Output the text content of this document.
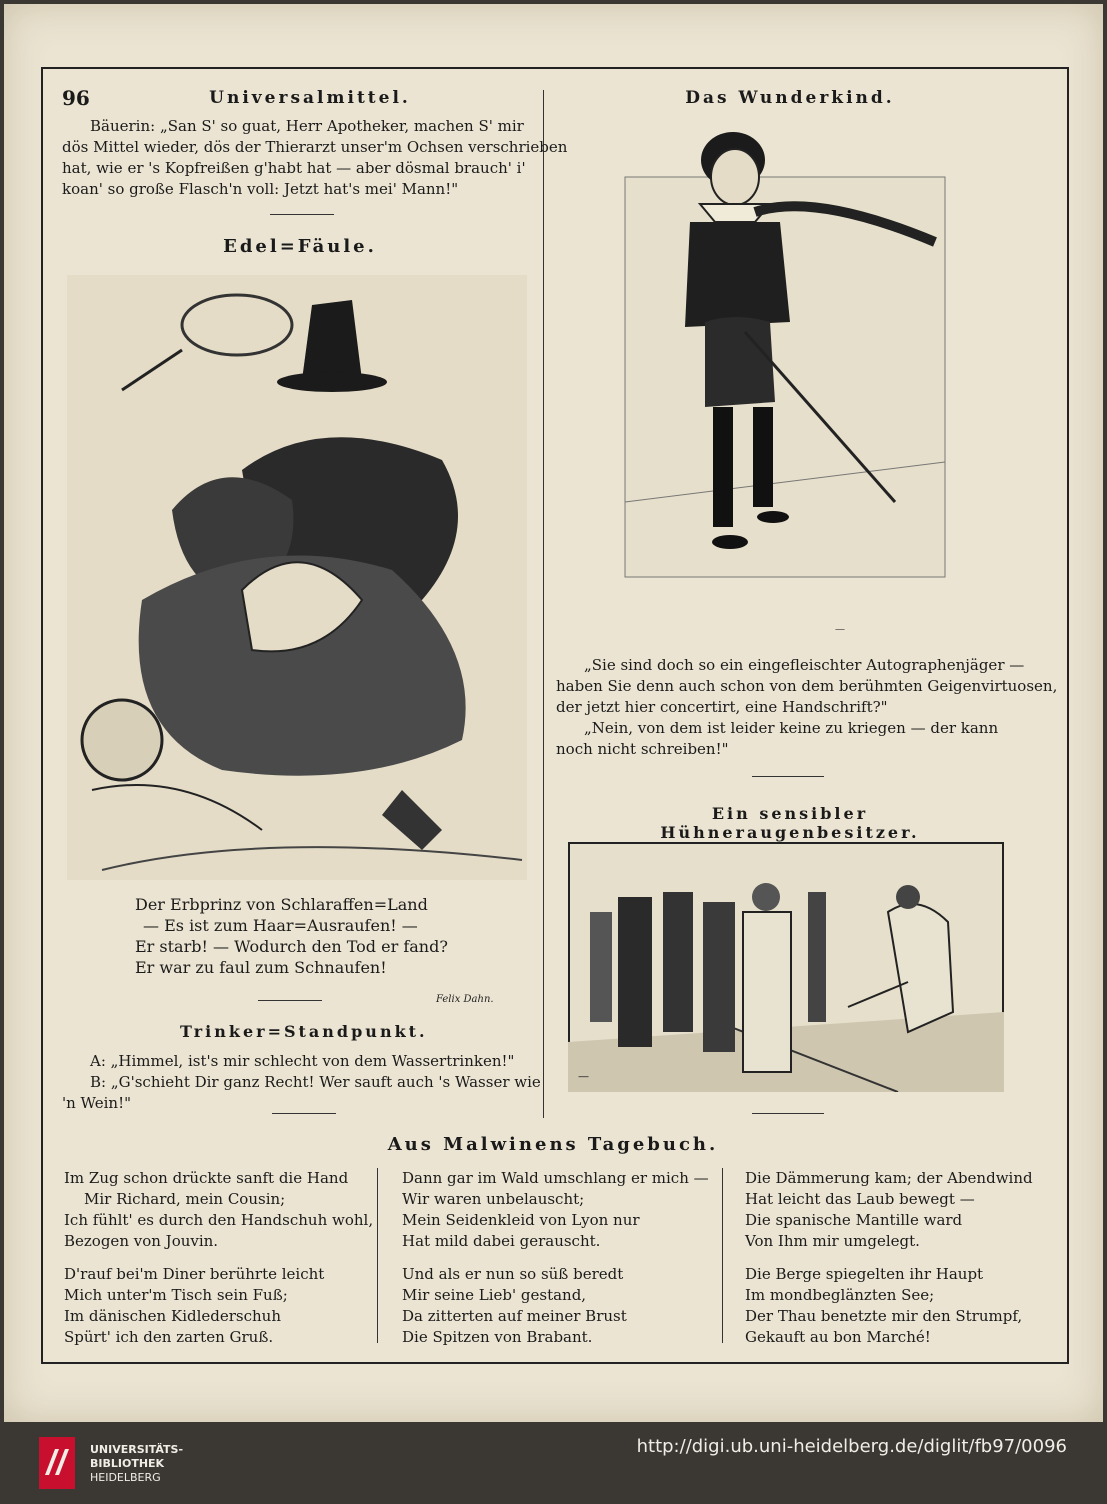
96	Universalmittel.
Bäuerin: „San S' so guat, Herr Apotheker, machen S' mir
dös Mittel wieder, dös der Thierarzt unser'm Ochsen verschrieben
hat, wie er 's Kopfreißen g'habt hat — aber dösmal brauch' i'
koan' so große Flasch'n voll: Jetzt hat's mei' Mann!"
Edel=Fäule.
Der Erbprinz von Schlaraffen=Land
— Es ist zum Haar=Ausraufen! —
Er starb! — Wodurch den Tod er fand?
Er war zu faul zum Schnaufen!
Felix Dahn.
Trinker=Standpunkt.
A: „Himmel, ist's mir schlecht von dem Wassertrinken!"
B: „G'schieht Dir ganz Recht! Wer sauft auch 's Wasser wie
'n Wein!"
Das Wunderkind.
—
„Sie sind doch so ein eingefleischter Autographenjäger —
haben Sie denn auch schon von dem berühmten Geigenvirtuosen,
der jetzt hier concertirt, eine Handschrift?"
„Nein, von dem ist leider keine zu kriegen — der kann
noch nicht schreiben!"
Ein sensibler Hühneraugenbesitzer.
—
Aus Malwinens Tagebuch.
Im Zug schon drückte sanft die Hand
Mir Richard, mein Cousin;
Ich fühlt' es durch den Handschuh wohl,
Bezogen von Jouvin.
D'rauf bei'm Diner berührte leicht
Mich unter'm Tisch sein Fuß;
Im dänischen Kidlederschuh
Spürt' ich den zarten Gruß.
Dann gar im Wald umschlang er mich —
Wir waren unbelauscht;
Mein Seidenkleid von Lyon nur
Hat mild dabei gerauscht.
Und als er nun so süß beredt
Mir seine Lieb' gestand,
Da zitterten auf meiner Brust
Die Spitzen von Brabant.
Die Dämmerung kam; der Abendwind
Hat leicht das Laub bewegt —
Die spanische Mantille ward
Von Ihm mir umgelegt.
Die Berge spiegelten ihr Haupt
Im mondbeglänzten See;
Der Thau benetzte mir den Strumpf,
Gekauft au bon Marché!
UNIVERSITÄTS-
BIBLIOTHEK
HEIDELBERG
http://digi.ub.uni-heidelberg.de/diglit/fb97/0096
